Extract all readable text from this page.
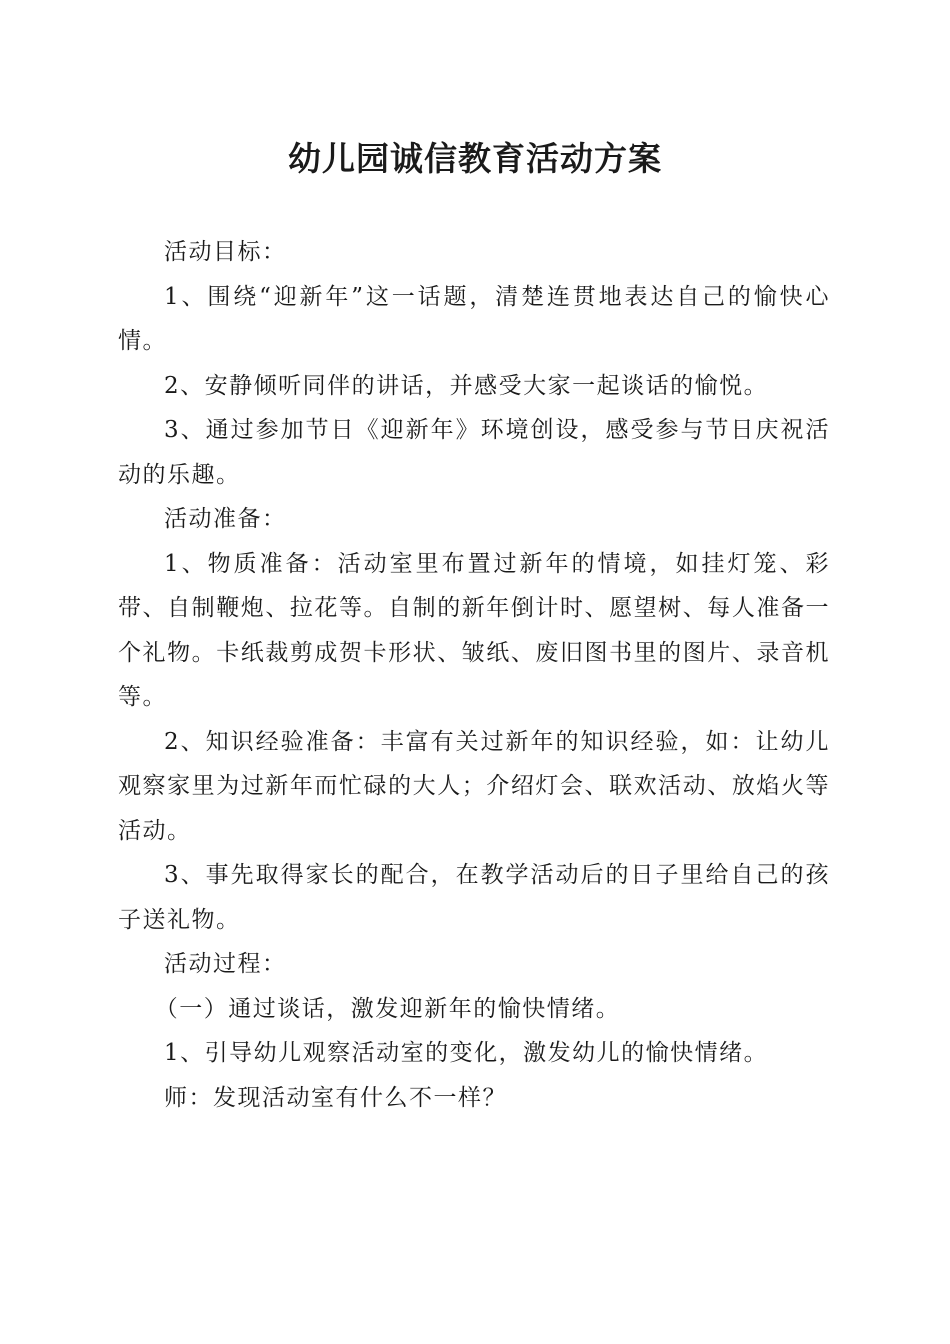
幼儿园诚信教育活动方案

活动目标：

1、围绕“迎新年”这一话题，清楚连贯地表达自己的愉快心情。

2、安静倾听同伴的讲话，并感受大家一起谈话的愉悦。

3、通过参加节日《迎新年》环境创设，感受参与节日庆祝活动的乐趣。

活动准备：

1、物质准备：活动室里布置过新年的情境，如挂灯笼、彩带、自制鞭炮、拉花等。自制的新年倒计时、愿望树、每人准备一个礼物。卡纸裁剪成贺卡形状、皱纸、废旧图书里的图片、录音机等。

2、知识经验准备：丰富有关过新年的知识经验，如：让幼儿观察家里为过新年而忙碌的大人；介绍灯会、联欢活动、放焰火等活动。

3、事先取得家长的配合，在教学活动后的日子里给自己的孩子送礼物。

活动过程：

（一）通过谈话，激发迎新年的愉快情绪。

1、引导幼儿观察活动室的变化，激发幼儿的愉快情绪。

师：发现活动室有什么不一样？
